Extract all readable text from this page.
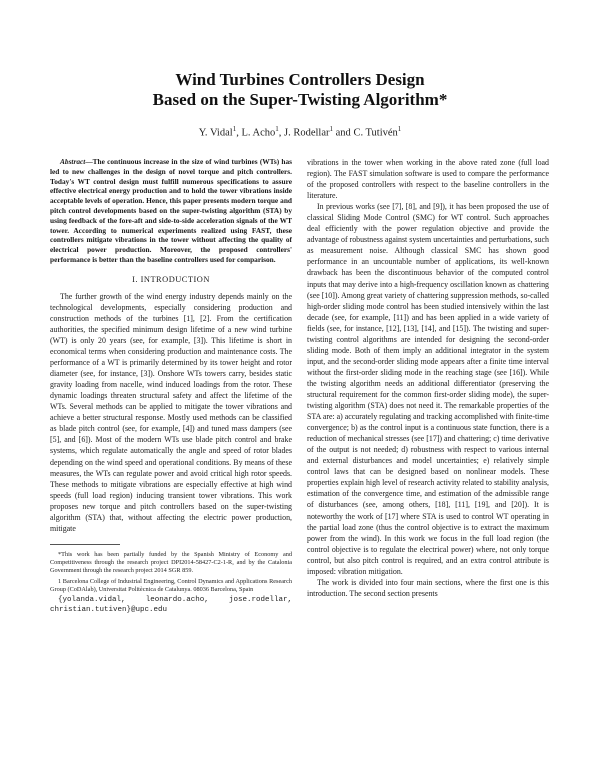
Wind Turbines Controllers Design
Based on the Super-Twisting Algorithm*
Y. Vidal$^1$, L. Acho$^1$, J. Rodellar$^1$ and C. Tutivén$^1$

Abstract—The continuous increase in the size of wind turbines (WTs) has led to new challenges in the design of novel torque and pitch controllers. Today's WT control design must fulfill numerous specifications to assure effective electrical energy production and to hold the tower vibrations inside acceptable levels of operation. Hence, this paper presents modern torque and pitch control developments based on the super-twisting algorithm (STA) by using feedback of the fore-aft and side-to-side acceleration signals of the WT tower. According to numerical experiments realized using FAST, these controllers mitigate vibrations in the tower without affecting the quality of electrical power production. Moreover, the proposed controllers' performance is better than the baseline controllers used for comparison.

I. INTRODUCTION

The further growth of the wind energy industry depends mainly on the technological developments, especially considering production and construction methods of the turbines [1], [2]. From the certification authorities, the specified minimum design lifetime of a new wind turbine (WT) is only 20 years (see, for example, [3]). This lifetime is short in economical terms when considering production and maintenance costs. The performance of a WT is primarily determined by its tower height and rotor diameter (see, for instance, [3]). Onshore WTs towers carry, besides static gravity loading from nacelle, wind induced loadings from the rotor. These dynamic loadings threaten structural safety and affect the lifetime of the WTs. Several methods can be applied to mitigate the tower vibrations and achieve a better structural response. Mostly used methods can be classified as blade pitch control (see, for example, [4]) and tuned mass dampers (see [5], and [6]). Most of the modern WTs use blade pitch control and brake systems, which regulate automatically the angle and speed of rotor blades depending on the wind speed and operational conditions. By means of these measures, the WTs can regulate power and avoid critical high rotor speeds. These methods to mitigate vibrations are especially effective at high wind speeds (full load region) inducing transient tower vibrations. This work proposes new torque and pitch controllers based on the super-twisting algorithm (STA) that, without affecting the electric power production, mitigate

*This work has been partially funded by the Spanish Ministry of Economy and Competitiveness through the research project DPI2014-58427-C2-1-R, and by the Catalonia Government through the research project 2014 SGR 859.

1 Barcelona College of Industrial Engineering, Control Dynamics and Applications Research Group (CoDAlab), Universitat Politècnica de Catalunya. 08036 Barcelona, Spain

{yolanda.vidal, leonardo.acho, jose.rodellar, christian.tutiven}@upc.edu

vibrations in the tower when working in the above rated zone (full load region). The FAST simulation software is used to compare the performance of the proposed controllers with respect to the baseline controllers in the literature.

In previous works (see [7], [8], and [9]), it has been proposed the use of classical Sliding Mode Control (SMC) for WT control. Such approaches deal efficiently with the power regulation objective and provide the advantage of robustness against system uncertainties and perturbations, such as measurement noise. Although classical SMC has shown good performance in an uncountable number of applications, its well-known drawback has been the discontinuous behavior of the computed control inputs that may derive into a high-frequency oscillation known as chattering (see [10]). Among great variety of chattering suppression methods, so-called high-order sliding mode control has been studied intensively within the last decade (see, for example, [11]) and has been applied in a wide variety of fields (see, for instance, [12], [13], [14], and [15]). The twisting and super-twisting control algorithms are intended for designing the second-order sliding mode. Both of them imply an additional integrator in the system input, and the second-order sliding mode appears after a finite time interval without the first-order sliding mode in the reaching stage (see [16]). While the twisting algorithm needs an additional differentiator (preserving the structural requirement for the common first-order sliding mode), the super-twisting algorithm (STA) does not need it. The remarkable properties of the STA are: a) accurately regulating and tracking accomplished with finite-time convergence; b) as the control input is a continuous state function, there is a reduction of mechanical stresses (see [17]) and chattering; c) time derivative of the output is not needed; d) robustness with respect to various internal and external disturbances and model uncertainties; e) relatively simple control laws that can be designed based on nonlinear models. These properties explain high level of research activity related to stability analysis, estimation of the convergence time, and estimation of the admissible range of disturbances (see, among others, [18], [11], [19], and [20]). It is noteworthy the work of [17] where STA is used to control WT operating in the partial load zone (thus the control objective is to extract the maximum power from the wind). In this work we focus in the full load region (the control objective is to regulate the electrical power) where, not only torque control, but also pitch control is required, and an extra control attribute is imposed: vibration mitigation.

The work is divided into four main sections, where the first one is this introduction. The second section presents
